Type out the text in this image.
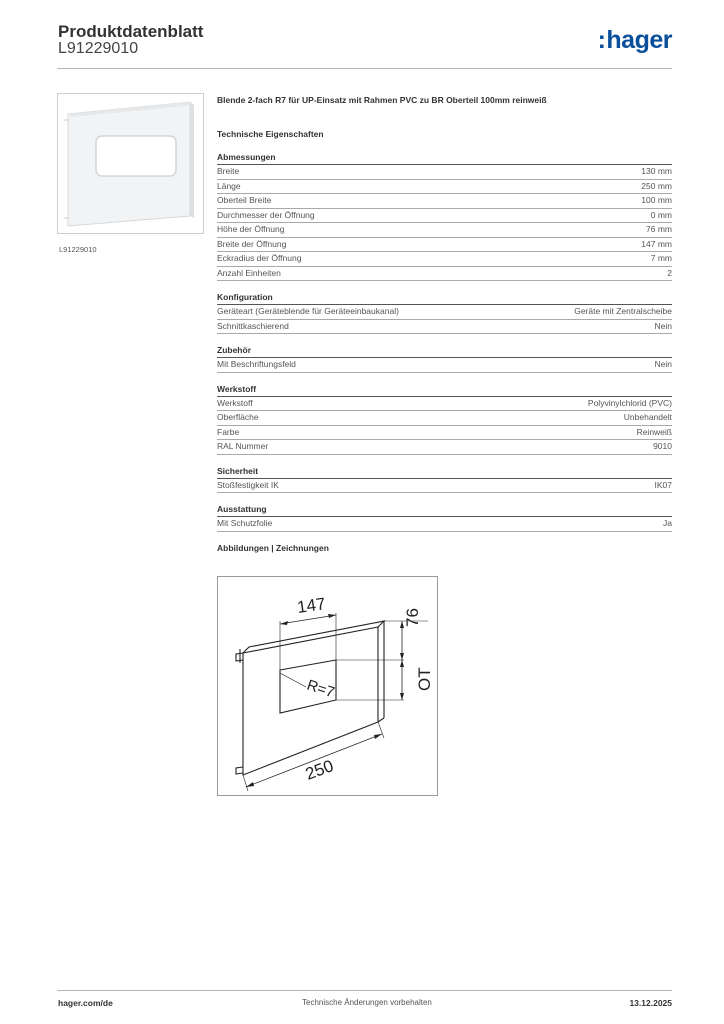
Produktdatenblatt
L91229010	:hager
L91229010
Blende 2-fach R7 für UP-Einsatz mit Rahmen PVC zu BR Oberteil 100mm reinweiß
Technische Eigenschaften
Abmessungen
Breite	130 mm
Länge	250 mm
Oberteil Breite	100 mm
Durchmesser der Öffnung	0 mm
Höhe der Öffnung	76 mm
Breite der Öffnung	147 mm
Eckradius der Öffnung	7 mm
Anzahl Einheiten	2
Konfiguration
Geräteart (Geräteblende für Geräteeinbaukanal)	Geräte mit Zentralscheibe
Schnittkaschierend	Nein
Zubehör
Mit Beschriftungsfeld	Nein
Werkstoff
Werkstoff	Polyvinylchlorid (PVC)
Oberfläche	Unbehandelt
Farbe	Reinweiß
RAL Nummer	9010
Sicherheit
Stoßfestigkeit IK	IK07
Ausstattung
Mit Schutzfolie	Ja
Abbildungen | Zeichnungen
147
76
OT
R=7
250
hager.com/de	Technische Änderungen vorbehalten	13.12.2025
